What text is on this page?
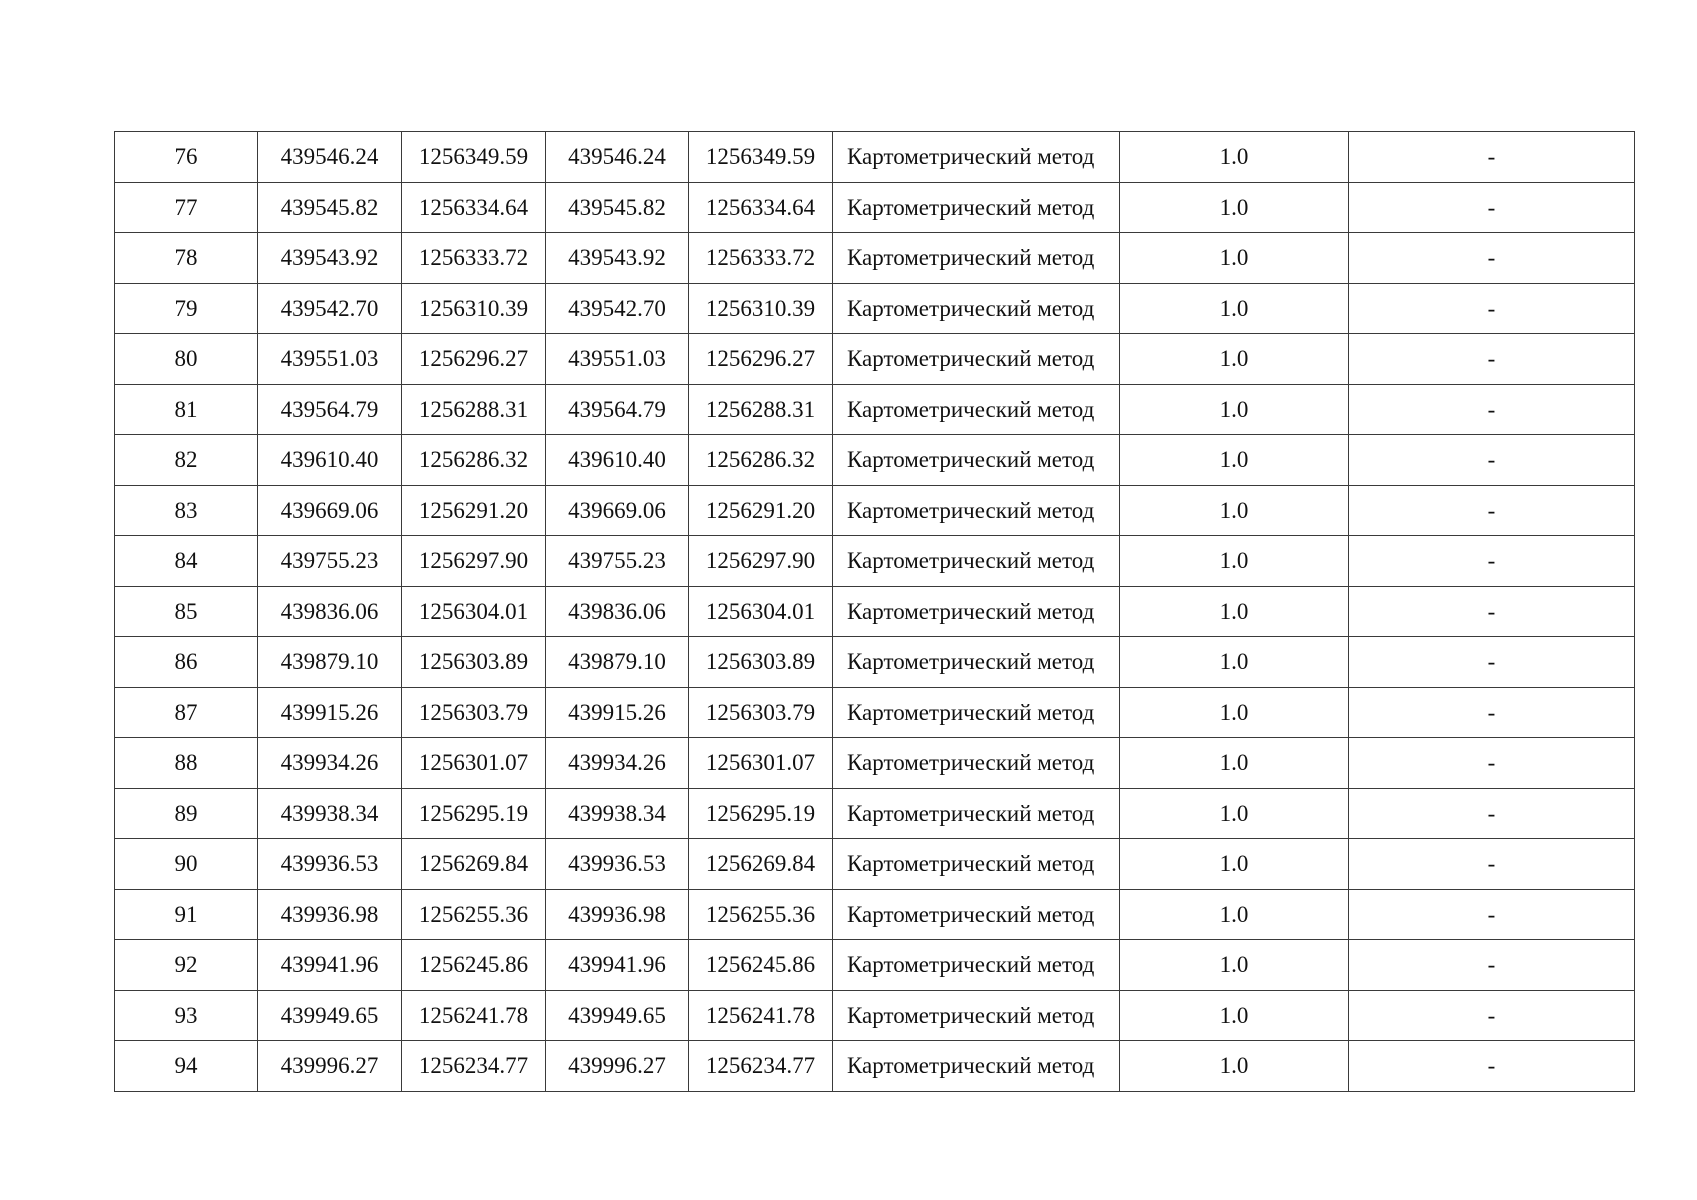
76	439546.24	1256349.59	439546.24	1256349.59	Картометрический метод	1.0	-
77	439545.82	1256334.64	439545.82	1256334.64	Картометрический метод	1.0	-
78	439543.92	1256333.72	439543.92	1256333.72	Картометрический метод	1.0	-
79	439542.70	1256310.39	439542.70	1256310.39	Картометрический метод	1.0	-
80	439551.03	1256296.27	439551.03	1256296.27	Картометрический метод	1.0	-
81	439564.79	1256288.31	439564.79	1256288.31	Картометрический метод	1.0	-
82	439610.40	1256286.32	439610.40	1256286.32	Картометрический метод	1.0	-
83	439669.06	1256291.20	439669.06	1256291.20	Картометрический метод	1.0	-
84	439755.23	1256297.90	439755.23	1256297.90	Картометрический метод	1.0	-
85	439836.06	1256304.01	439836.06	1256304.01	Картометрический метод	1.0	-
86	439879.10	1256303.89	439879.10	1256303.89	Картометрический метод	1.0	-
87	439915.26	1256303.79	439915.26	1256303.79	Картометрический метод	1.0	-
88	439934.26	1256301.07	439934.26	1256301.07	Картометрический метод	1.0	-
89	439938.34	1256295.19	439938.34	1256295.19	Картометрический метод	1.0	-
90	439936.53	1256269.84	439936.53	1256269.84	Картометрический метод	1.0	-
91	439936.98	1256255.36	439936.98	1256255.36	Картометрический метод	1.0	-
92	439941.96	1256245.86	439941.96	1256245.86	Картометрический метод	1.0	-
93	439949.65	1256241.78	439949.65	1256241.78	Картометрический метод	1.0	-
94	439996.27	1256234.77	439996.27	1256234.77	Картометрический метод	1.0	-
